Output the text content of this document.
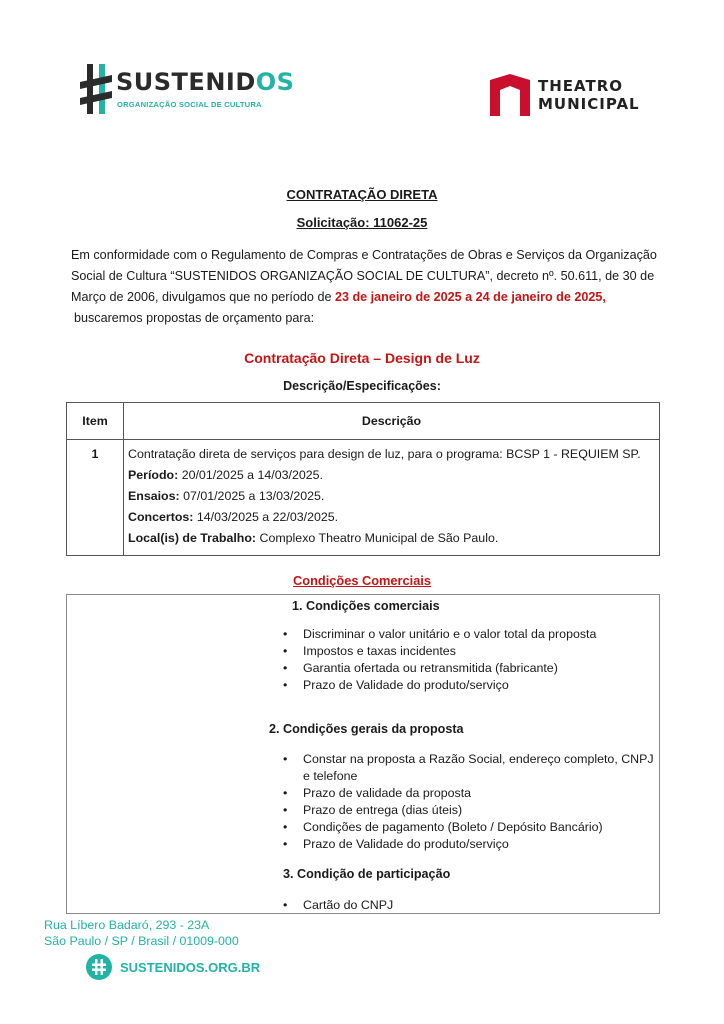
SUSTENIDOS
ORGANIZAÇÃO SOCIAL DE CULTURA
THEATRO
MUNICIPAL
CONTRATAÇÃO DIRETA
Solicitação: 11062-25
Em conformidade com o Regulamento de Compras e Contratações de Obras e Serviços da Organização Social de Cultura “SUSTENIDOS ORGANIZAÇÃO SOCIAL DE CULTURA”, decreto nº. 50.611, de 30 de Março de 2006, divulgamos que no período de 23 de janeiro de 2025 a 24 de janeiro de 2025,
buscaremos propostas de orçamento para:
Contratação Direta – Design de Luz
Descrição/Especificações:
Item	Descrição
1	Contratação direta de serviços para design de luz, para o programa: BCSP 1 - REQUIEM SP.
Período: 20/01/2025 a 14/03/2025.
Ensaios: 07/01/2025 a 13/03/2025.
Concertos: 14/03/2025 a 22/03/2025.
Local(is) de Trabalho: Complexo Theatro Municipal de São Paulo.
Condições Comerciais
1. Condições comerciais
• Discriminar o valor unitário e o valor total da proposta
• Impostos e taxas incidentes
• Garantia ofertada ou retransmitida (fabricante)
• Prazo de Validade do produto/serviço
2. Condições gerais da proposta
• Constar na proposta a Razão Social, endereço completo, CNPJ e telefone
• Prazo de validade da proposta
• Prazo de entrega (dias úteis)
• Condições de pagamento (Boleto / Depósito Bancário)
• Prazo de Validade do produto/serviço
3. Condição de participação
• Cartão do CNPJ
Rua Líbero Badaró, 293 - 23A
São Paulo / SP / Brasil / 01009-000
SUSTENIDOS.ORG.BR
